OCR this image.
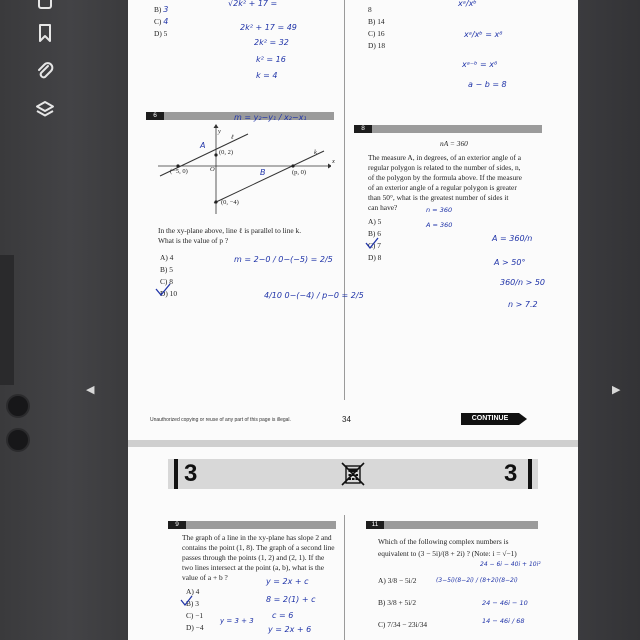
◀	▶
B) 3
C) 4
D) 5
√2k² + 17 =
2k² + 17 = 49
2k² = 32
k² = 16
k = 4
8
B) 14
C) 16
D) 18
xᵃ/xᵇ
xᵃ/xᵇ = x⁸
xᵃ⁻ᵇ = x⁸
a − b = 8
6	m = y₂−y₁ / x₂−x₁
y
x
ℓ
k
(0, 2)
(−5, 0)	O	(p, 0)
(0, −4)
A
B
In the xy-plane above, line ℓ is parallel to line k.
What is the value of p ?
A) 4
B) 5
C) 8
D) 10
m = 2−0 / 0−(−5) = 2/5
4/10 0−(−4) / p−0 = 2/5
8
nA = 360
The measure A, in degrees, of an exterior angle of a
regular polygon is related to the number of sides, n,
of the polygon by the formula above. If the measure
of an exterior angle of a regular polygon is greater
than 50°, what is the greatest number of sides it
can have?
A) 5
B) 6
C) 7
D) 8
n = 360
A = 360
A = 360/n
A > 50°
360/n > 50
n > 7.2
Unauthorized copying or reuse of any part of this page is illegal.	34	CONTINUE
3	3
9
The graph of a line in the xy-plane has slope 2 and
contains the point (1, 8). The graph of a second line
passes through the points (1, 2) and (2, 1). If the
two lines intersect at the point (a, b), what is the
value of a + b ?
A) 4
B) 3
C) −1
D) −4
y = 2x + c
8 = 2(1) + c
c = 6
y = 2x + 6
y = 3 + 3
11
Which of the following complex numbers is
equivalent to (3 − 5i)/(8 + 2i) ? (Note: i = √−1)
A) 3/8 − 5i/2
B) 3/8 + 5i/2
C) 7/34 − 23i/34
(3−5i)(8−2i) / (8+2i)(8−2i)
24 − 6i − 40i + 10i²
24 − 46i − 10
14 − 46i / 68
